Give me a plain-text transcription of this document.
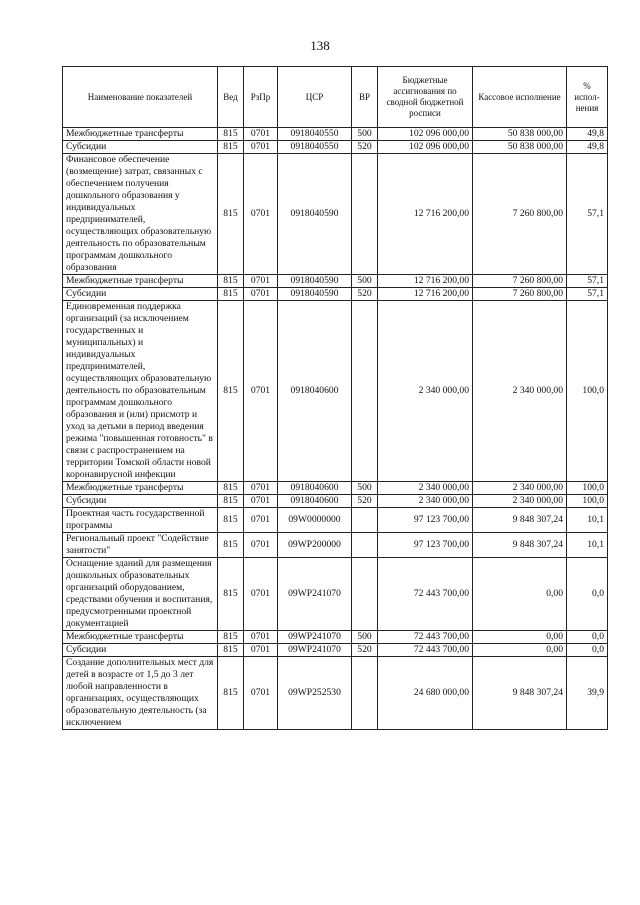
138
Наименование показателей	Вед	РзПр	ЦСР	ВР	Бюджетные ассигнования по сводной бюджетной росписи	Кассовое исполнение	% испол-нения
Межбюджетные трансферты	815	0701	0918040550	500	102 096 000,00	50 838 000,00	49,8
Субсидии	815	0701	0918040550	520	102 096 000,00	50 838 000,00	49,8
Финансовое обеспечение (возмещение) затрат, связанных с обеспечением получения дошкольного образования у индивидуальных предпринимателей, осуществляющих образовательную деятельность по образовательным программам дошкольного образования	815	0701	0918040590		12 716 200,00	7 260 800,00	57,1
Межбюджетные трансферты	815	0701	0918040590	500	12 716 200,00	7 260 800,00	57,1
Субсидии	815	0701	0918040590	520	12 716 200,00	7 260 800,00	57,1
Единовременная поддержка организаций (за исключением государственных и муниципальных) и индивидуальных предпринимателей, осуществляющих образовательную деятельность по образовательным программам дошкольного образования и (или) присмотр и уход за детьми в период введения режима "повышенная готовность" в связи с распространением на территории Томской области новой коронавирусной инфекции	815	0701	0918040600		2 340 000,00	2 340 000,00	100,0
Межбюджетные трансферты	815	0701	0918040600	500	2 340 000,00	2 340 000,00	100,0
Субсидии	815	0701	0918040600	520	2 340 000,00	2 340 000,00	100,0
Проектная часть государственной программы	815	0701	09W0000000		97 123 700,00	9 848 307,24	10,1
Региональный проект "Содействие занятости"	815	0701	09WP200000		97 123 700,00	9 848 307,24	10,1
Оснащение зданий для размещения дошкольных образовательных организаций оборудованием, средствами обучения и воспитания, предусмотренными проектной документацией	815	0701	09WP241070		72 443 700,00	0,00	0,0
Межбюджетные трансферты	815	0701	09WP241070	500	72 443 700,00	0,00	0,0
Субсидии	815	0701	09WP241070	520	72 443 700,00	0,00	0,0
Создание дополнительных мест для детей в возрасте от 1,5 до 3 лет любой направленности в организациях, осуществляющих образовательную деятельность (за исключением	815	0701	09WP252530		24 680 000,00	9 848 307,24	39,9
